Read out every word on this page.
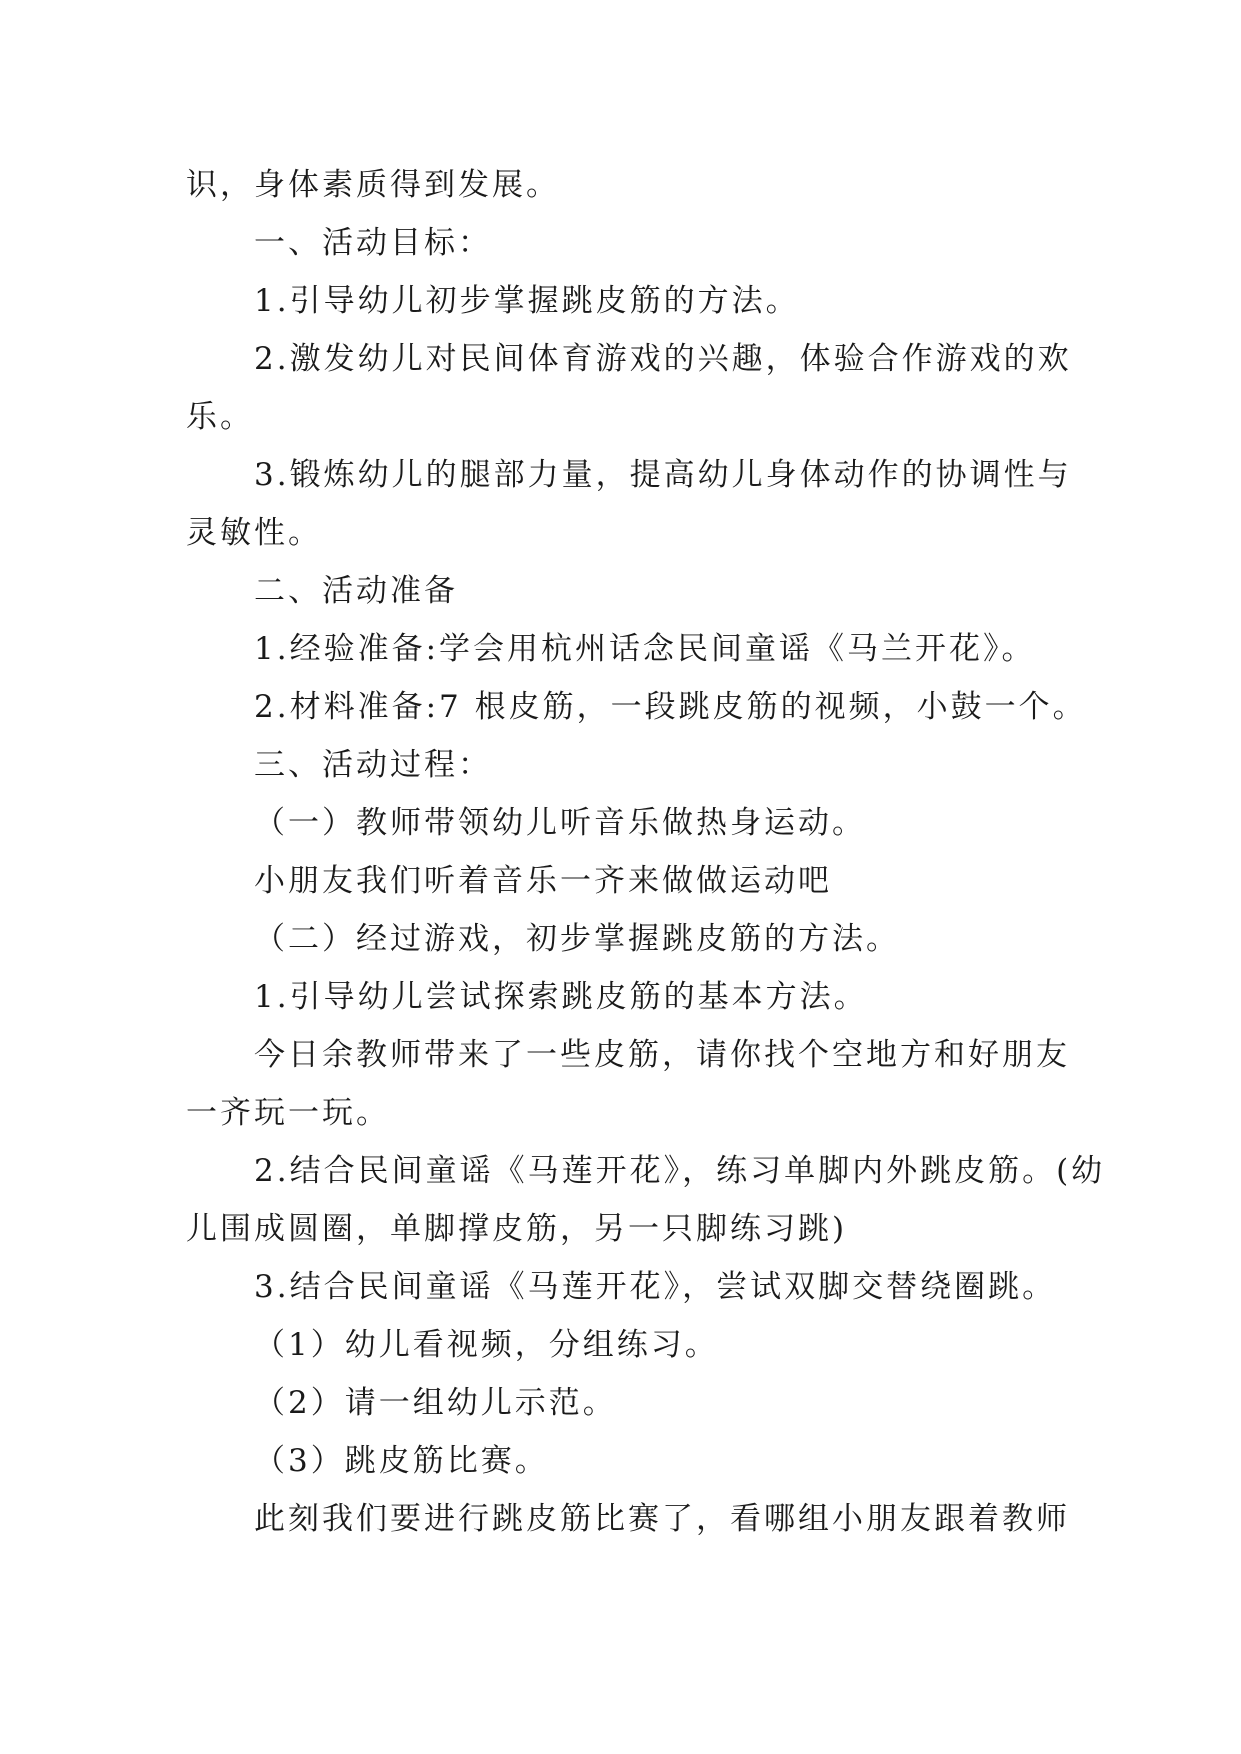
识，身体素质得到发展。
一、活动目标：
1.引导幼儿初步掌握跳皮筋的方法。
2.激发幼儿对民间体育游戏的兴趣，体验合作游戏的欢
乐。
3.锻炼幼儿的腿部力量，提高幼儿身体动作的协调性与
灵敏性。
二、活动准备
1.经验准备:学会用杭州话念民间童谣《马兰开花》。
2.材料准备:7 根皮筋，一段跳皮筋的视频，小鼓一个。
三、活动过程：
（一）教师带领幼儿听音乐做热身运动。
小朋友我们听着音乐一齐来做做运动吧
（二）经过游戏，初步掌握跳皮筋的方法。
1.引导幼儿尝试探索跳皮筋的基本方法。
今日余教师带来了一些皮筋，请你找个空地方和好朋友
一齐玩一玩。
2.结合民间童谣《马莲开花》，练习单脚内外跳皮筋。(幼
儿围成圆圈，单脚撑皮筋，另一只脚练习跳)
3.结合民间童谣《马莲开花》，尝试双脚交替绕圈跳。
（1）幼儿看视频，分组练习。
（2）请一组幼儿示范。
（3）跳皮筋比赛。
此刻我们要进行跳皮筋比赛了，看哪组小朋友跟着教师
